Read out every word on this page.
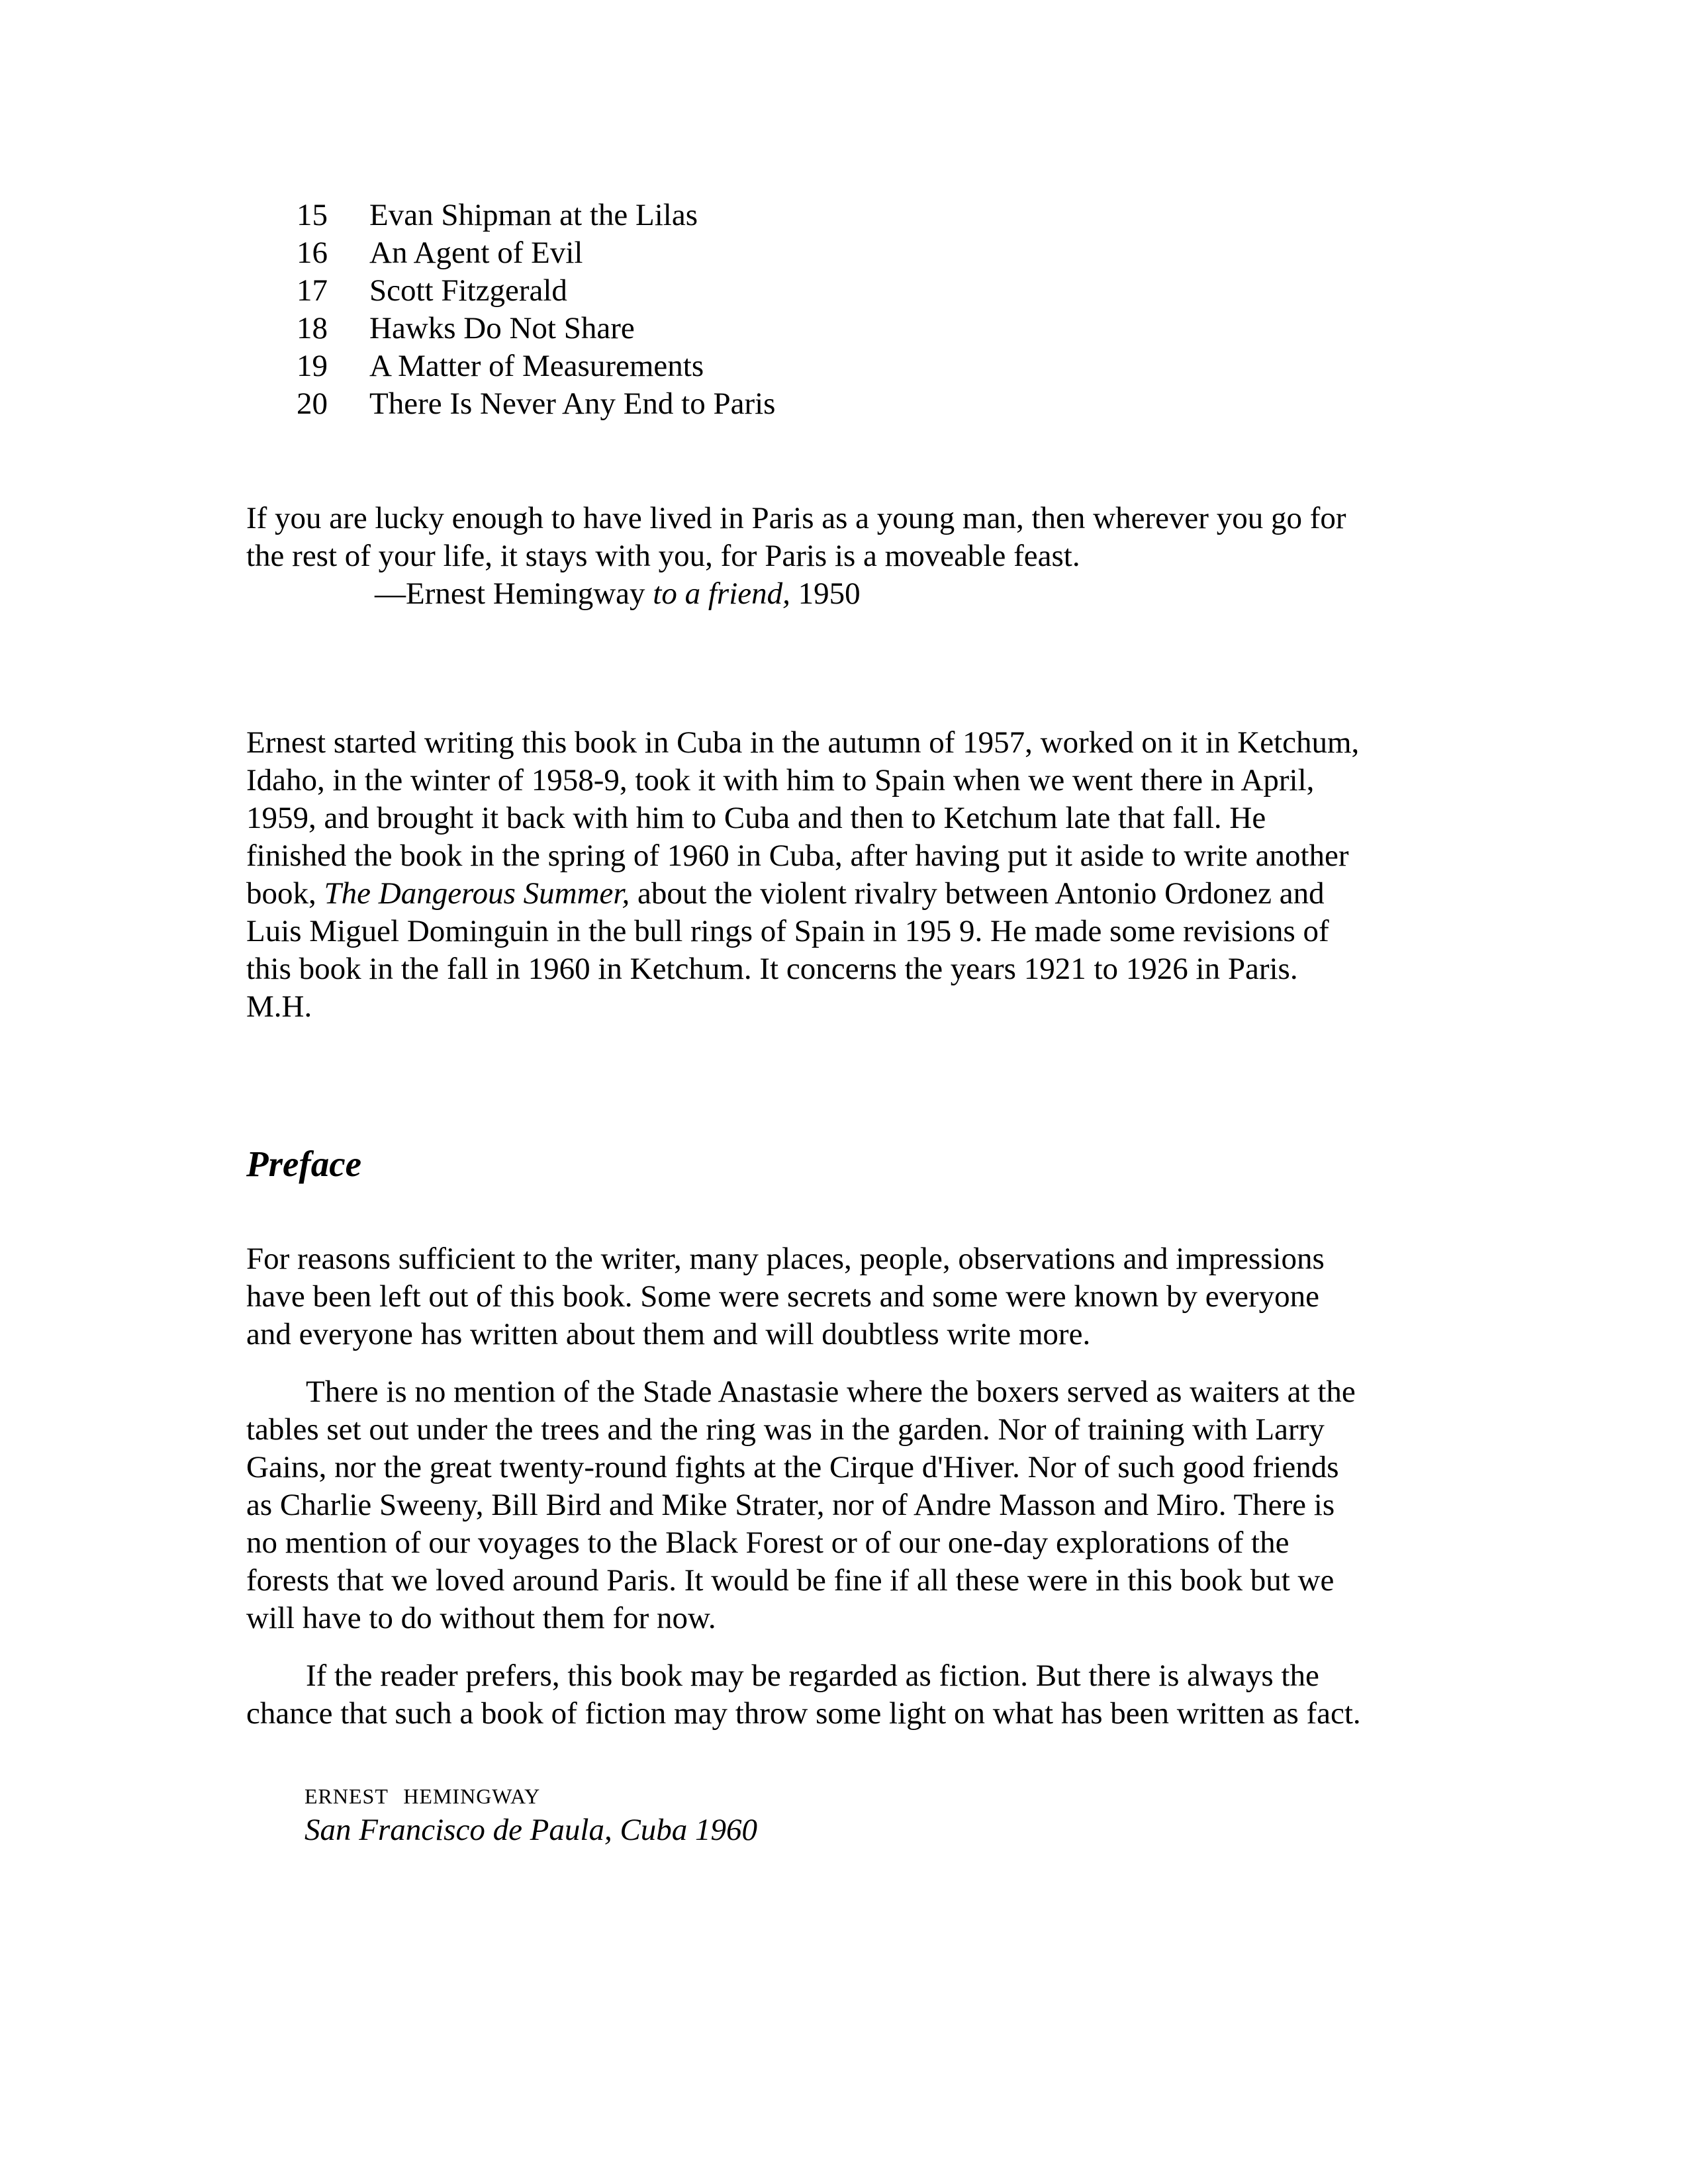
15	Evan Shipman at the Lilas
16	An Agent of Evil
17	Scott Fitzgerald
18	Hawks Do Not Share
19	A Matter of Measurements
20	There Is Never Any End to Paris

If you are lucky enough to have lived in Paris as a young man, then wherever you go for

the rest of your life, it stays with you, for Paris is a moveable feast.

—Ernest Hemingway to a friend, 1950

Ernest started writing this book in Cuba in the autumn of 1957, worked on it in Ketchum,

Idaho, in the winter of 1958-9, took it with him to Spain when we went there in April,

1959, and brought it back with him to Cuba and then to Ketchum late that fall. He

finished the book in the spring of 1960 in Cuba, after having put it aside to write another

book, The Dangerous Summer, about the violent rivalry between Antonio Ordonez and

Luis Miguel Dominguin in the bull rings of Spain in 195 9. He made some revisions of

this book in the fall in 1960 in Ketchum. It concerns the years 1921 to 1926 in Paris.

M.H.

Preface

For reasons sufficient to the writer, many places, people, observations and impressions
have been left out of this book. Some were secrets and some were known by everyone
and everyone has written about them and will doubtless write more.

There is no mention of the Stade Anastasie where the boxers served as waiters at the
tables set out under the trees and the ring was in the garden. Nor of training with Larry
Gains, nor the great twenty-round fights at the Cirque d'Hiver. Nor of such good friends
as Charlie Sweeny, Bill Bird and Mike Strater, nor of Andre Masson and Miro. There is
no mention of our voyages to the Black Forest or of our one-day explorations of the
forests that we loved around Paris. It would be fine if all these were in this book but we
will have to do without them for now.

If the reader prefers, this book may be regarded as fiction. But there is always the
chance that such a book of fiction may throw some light on what has been written as fact.

ERNEST HEMINGWAY
San Francisco de Paula, Cuba 1960
